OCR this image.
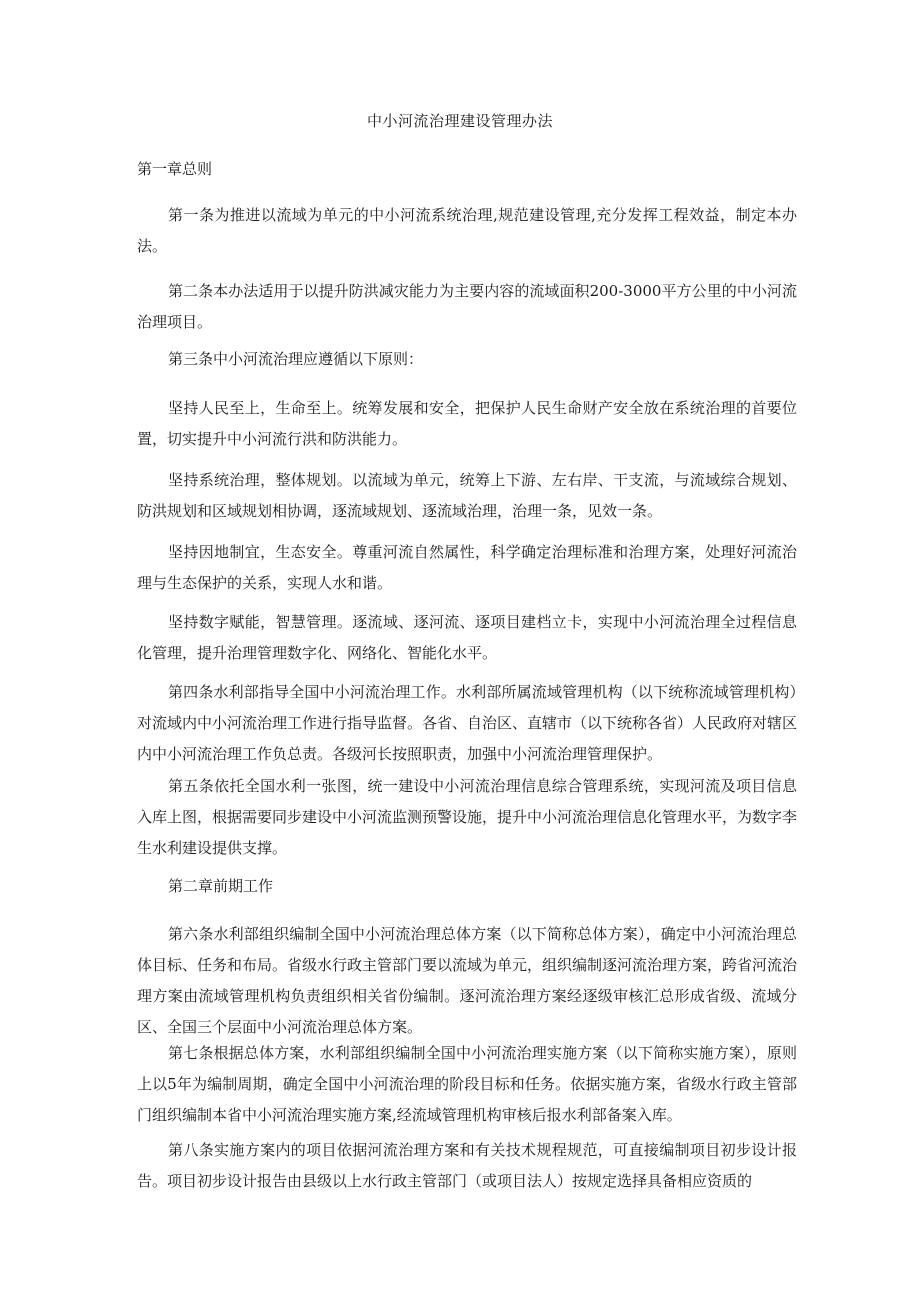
中小河流治理建设管理办法

第一章总则

第一条为推进以流域为单元的中小河流系统治理,规范建设管理,充分发挥工程效益，制定本办法。

第二条本办法适用于以提升防洪减灾能力为主要内容的流域面积200-3000平方公里的中小河流治理项目。

第三条中小河流治理应遵循以下原则：

坚持人民至上，生命至上。统筹发展和安全，把保护人民生命财产安全放在系统治理的首要位置，切实提升中小河流行洪和防洪能力。

坚持系统治理，整体规划。以流域为单元，统筹上下游、左右岸、干支流，与流域综合规划、防洪规划和区域规划相协调，逐流域规划、逐流域治理，治理一条，见效一条。

坚持因地制宜，生态安全。尊重河流自然属性，科学确定治理标准和治理方案，处理好河流治理与生态保护的关系，实现人水和谐。

坚持数字赋能，智慧管理。逐流域、逐河流、逐项目建档立卡，实现中小河流治理全过程信息化管理，提升治理管理数字化、网络化、智能化水平。

第四条水利部指导全国中小河流治理工作。水利部所属流域管理机构（以下统称流域管理机构）对流域内中小河流治理工作进行指导监督。各省、自治区、直辖市（以下统称各省）人民政府对辖区内中小河流治理工作负总责。各级河长按照职责，加强中小河流治理管理保护。

第五条依托全国水利一张图，统一建设中小河流治理信息综合管理系统，实现河流及项目信息入库上图，根据需要同步建设中小河流监测预警设施，提升中小河流治理信息化管理水平，为数字李生水利建设提供支撑。

第二章前期工作

第六条水利部组织编制全国中小河流治理总体方案（以下简称总体方案），确定中小河流治理总体目标、任务和布局。省级水行政主管部门要以流域为单元，组织编制逐河流治理方案，跨省河流治理方案由流域管理机构负责组织相关省份编制。逐河流治理方案经逐级审核汇总形成省级、流域分区、全国三个层面中小河流治理总体方案。

第七条根据总体方案，水利部组织编制全国中小河流治理实施方案（以下简称实施方案），原则上以5年为编制周期，确定全国中小河流治理的阶段目标和任务。依据实施方案，省级水行政主管部门组织编制本省中小河流治理实施方案,经流域管理机构审核后报水利部备案入库。

第八条实施方案内的项目依据河流治理方案和有关技术规程规范，可直接编制项目初步设计报告。项目初步设计报告由县级以上水行政主管部门（或项目法人）按规定选择具备相应资质的
